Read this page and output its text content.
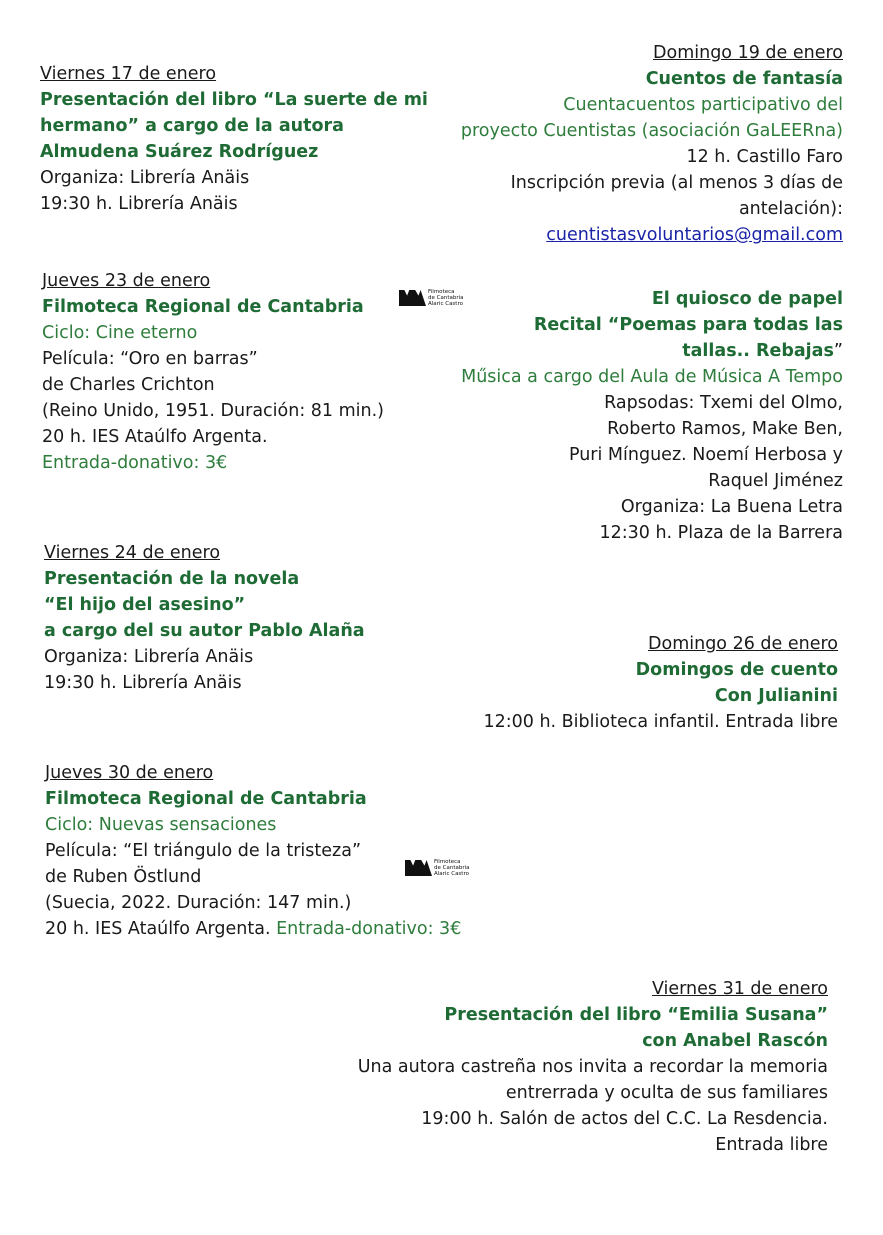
Viernes 17 de enero
Presentación del libro “La suerte de mi
hermano” a cargo de la autora
Almudena Suárez Rodríguez
Organiza: Librería Anäis
19:30 h. Librería Anäis
Jueves 23 de enero
Filmoteca Regional de Cantabria
Ciclo: Cine eterno
Película: “Oro en barras”
de Charles Crichton
(Reino Unido, 1951. Duración: 81 min.)
20 h. IES Ataúlfo Argenta.
Entrada-donativo: 3€
Filmoteca
de Cantabria
Alaric Castro
Viernes 24 de enero
Presentación de la novela
“El hijo del asesino”
a cargo del su autor Pablo Alaña
Organiza: Librería Anäis
19:30 h. Librería Anäis
Jueves 30 de enero
Filmoteca Regional de Cantabria
Ciclo: Nuevas sensaciones
Película: “El triángulo de la tristeza”
de Ruben Östlund
(Suecia, 2022. Duración: 147 min.)
20 h. IES Ataúlfo Argenta. Entrada-donativo: 3€
Filmoteca
de Cantabria
Alaric Castro
Domingo 19 de enero
Cuentos de fantasía
Cuentacuentos participativo del
proyecto Cuentistas (asociación GaLEERna)
12 h. Castillo Faro
Inscripción previa (al menos 3 días de
antelación):
cuentistasvoluntarios@gmail.com
El quiosco de papel
Recital “Poemas para todas las
tallas.. Rebajas”
Műsica a cargo del Aula de Música A Tempo
Rapsodas: Txemi del Olmo,
Roberto Ramos, Make Ben,
Puri Mínguez. Noemí Herbosa y
Raquel Jiménez
Organiza: La Buena Letra
12:30 h. Plaza de la Barrera
Domingo 26 de enero
Domingos de cuento
Con Julianini
12:00 h. Biblioteca infantil. Entrada libre
Viernes 31 de enero
Presentación del libro “Emilia Susana”
con Anabel Rascón
Una autora castreña nos invita a recordar la memoria
entrerrada y oculta de sus familiares
19:00 h. Salón de actos del C.C. La Resdencia.
Entrada libre
